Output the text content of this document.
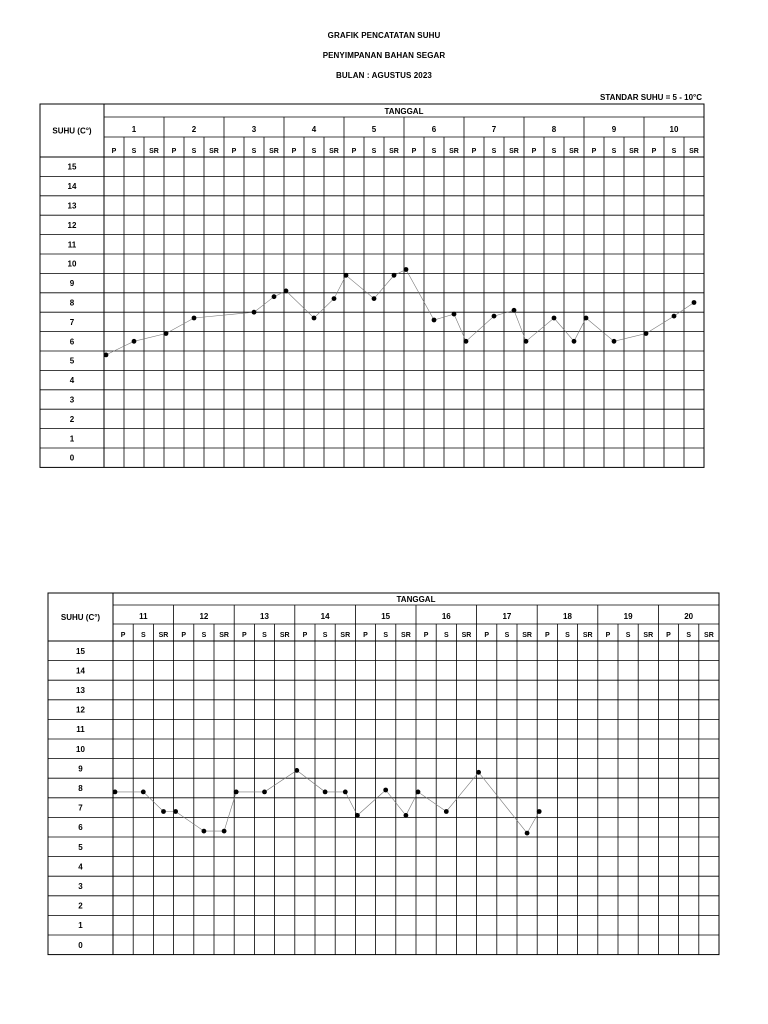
GRAFIK PENCATATAN SUHU
PENYIMPANAN BAHAN SEGAR
BULAN : AGUSTUS 2023
STANDAR SUHU = 5 - 10°C
SUHU (C°)
TANGGAL
1
P S SR
2
P S SR
3
P S SR
4
P S SR
5
P S SR
6
P S SR
7
P S SR
8
P S SR
9
P S SR
10
P S SR
15
14
13
12
11
10
9
8
7
6
5
4
3
2
1
0
SUHU (C°)
TANGGAL
11
P S SR
12
P S SR
13
P S SR
14
P S SR
15
P S SR
16
P S SR
17
P S SR
18
P S SR
19
P S SR
20
P S SR
15
14
13
12
11
10
9
8
7
6
5
4
3
2
1
0
